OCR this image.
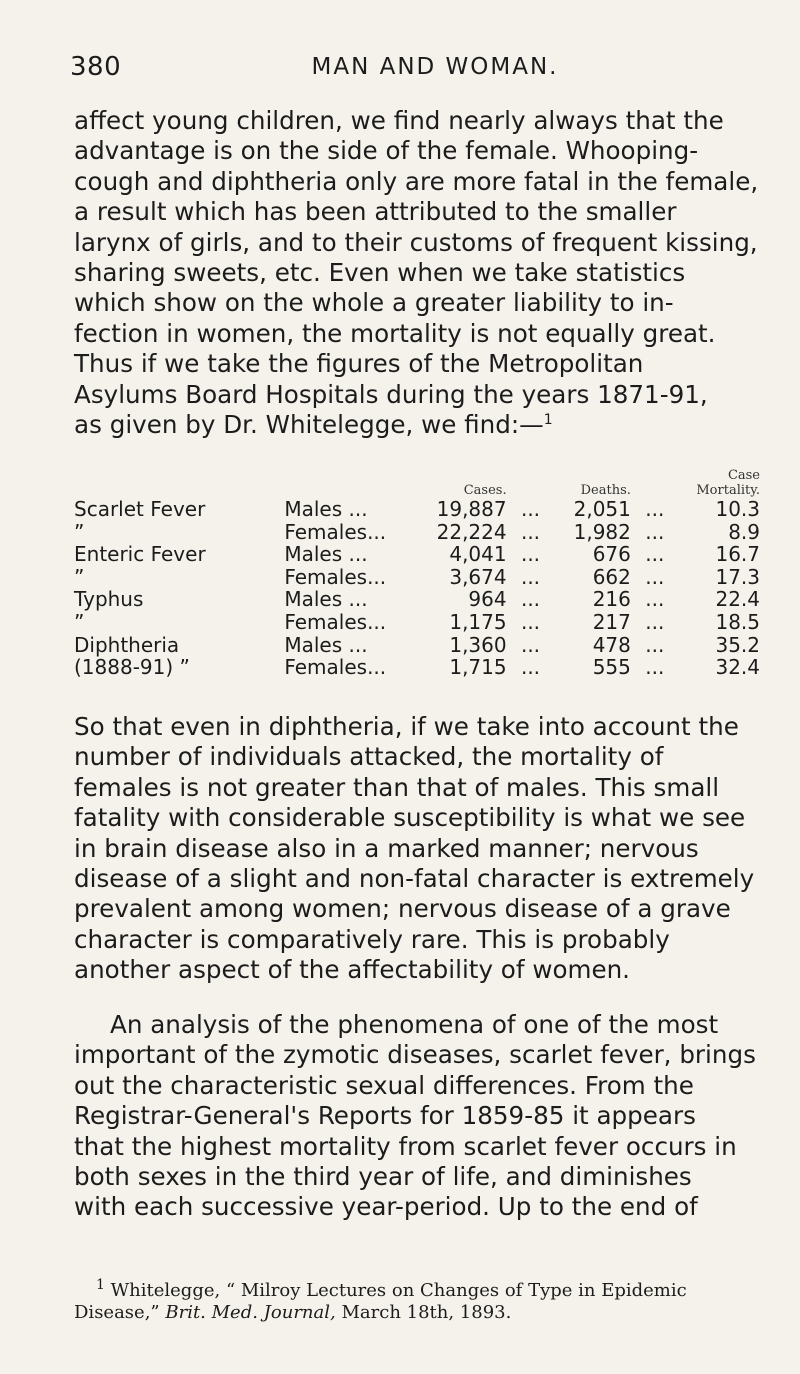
380	MAN AND WOMAN.

affect young children, we find nearly always that the
advantage is on the side of the female. Whooping-
cough and diphtheria only are more fatal in the female,
a result which has been attributed to the smaller
larynx of girls, and to their customs of frequent kissing,
sharing sweets, etc. Even when we take statistics
which show on the whole a greater liability to in-
fection in women, the mortality is not equally great.
Thus if we take the figures of the Metropolitan
Asylums Board Hospitals during the years 1871-91,
as given by Dr. Whitelegge, we find:—$^1$

		Cases.		Deaths.		Case
Mortality.
Scarlet Fever	Males ...	19,887	...	2,051	...	10.3
”	Females...	22,224	...	1,982	...	8.9
Enteric Fever	Males ...	4,041	...	676	...	16.7
”	Females...	3,674	...	662	...	17.3
Typhus	Males ...	964	...	216	...	22.4
”	Females...	1,175	...	217	...	18.5
Diphtheria	Males ...	1,360	...	478	...	35.2
(1888-91) ”	Females...	1,715	...	555	...	32.4

So that even in diphtheria, if we take into account the
number of individuals attacked, the mortality of
females is not greater than that of males. This small
fatality with considerable susceptibility is what we see
in brain disease also in a marked manner; nervous
disease of a slight and non-fatal character is extremely
prevalent among women; nervous disease of a grave
character is comparatively rare. This is probably
another aspect of the affectability of women.

An analysis of the phenomena of one of the most
important of the zymotic diseases, scarlet fever, brings
out the characteristic sexual differences. From the
Registrar-General's Reports for 1859-85 it appears
that the highest mortality from scarlet fever occurs in
both sexes in the third year of life, and diminishes
with each successive year-period. Up to the end of

$^1$ Whitelegge, “ Milroy Lectures on Changes of Type in Epidemic
Disease,” Brit. Med. Journal, March 18th, 1893.
